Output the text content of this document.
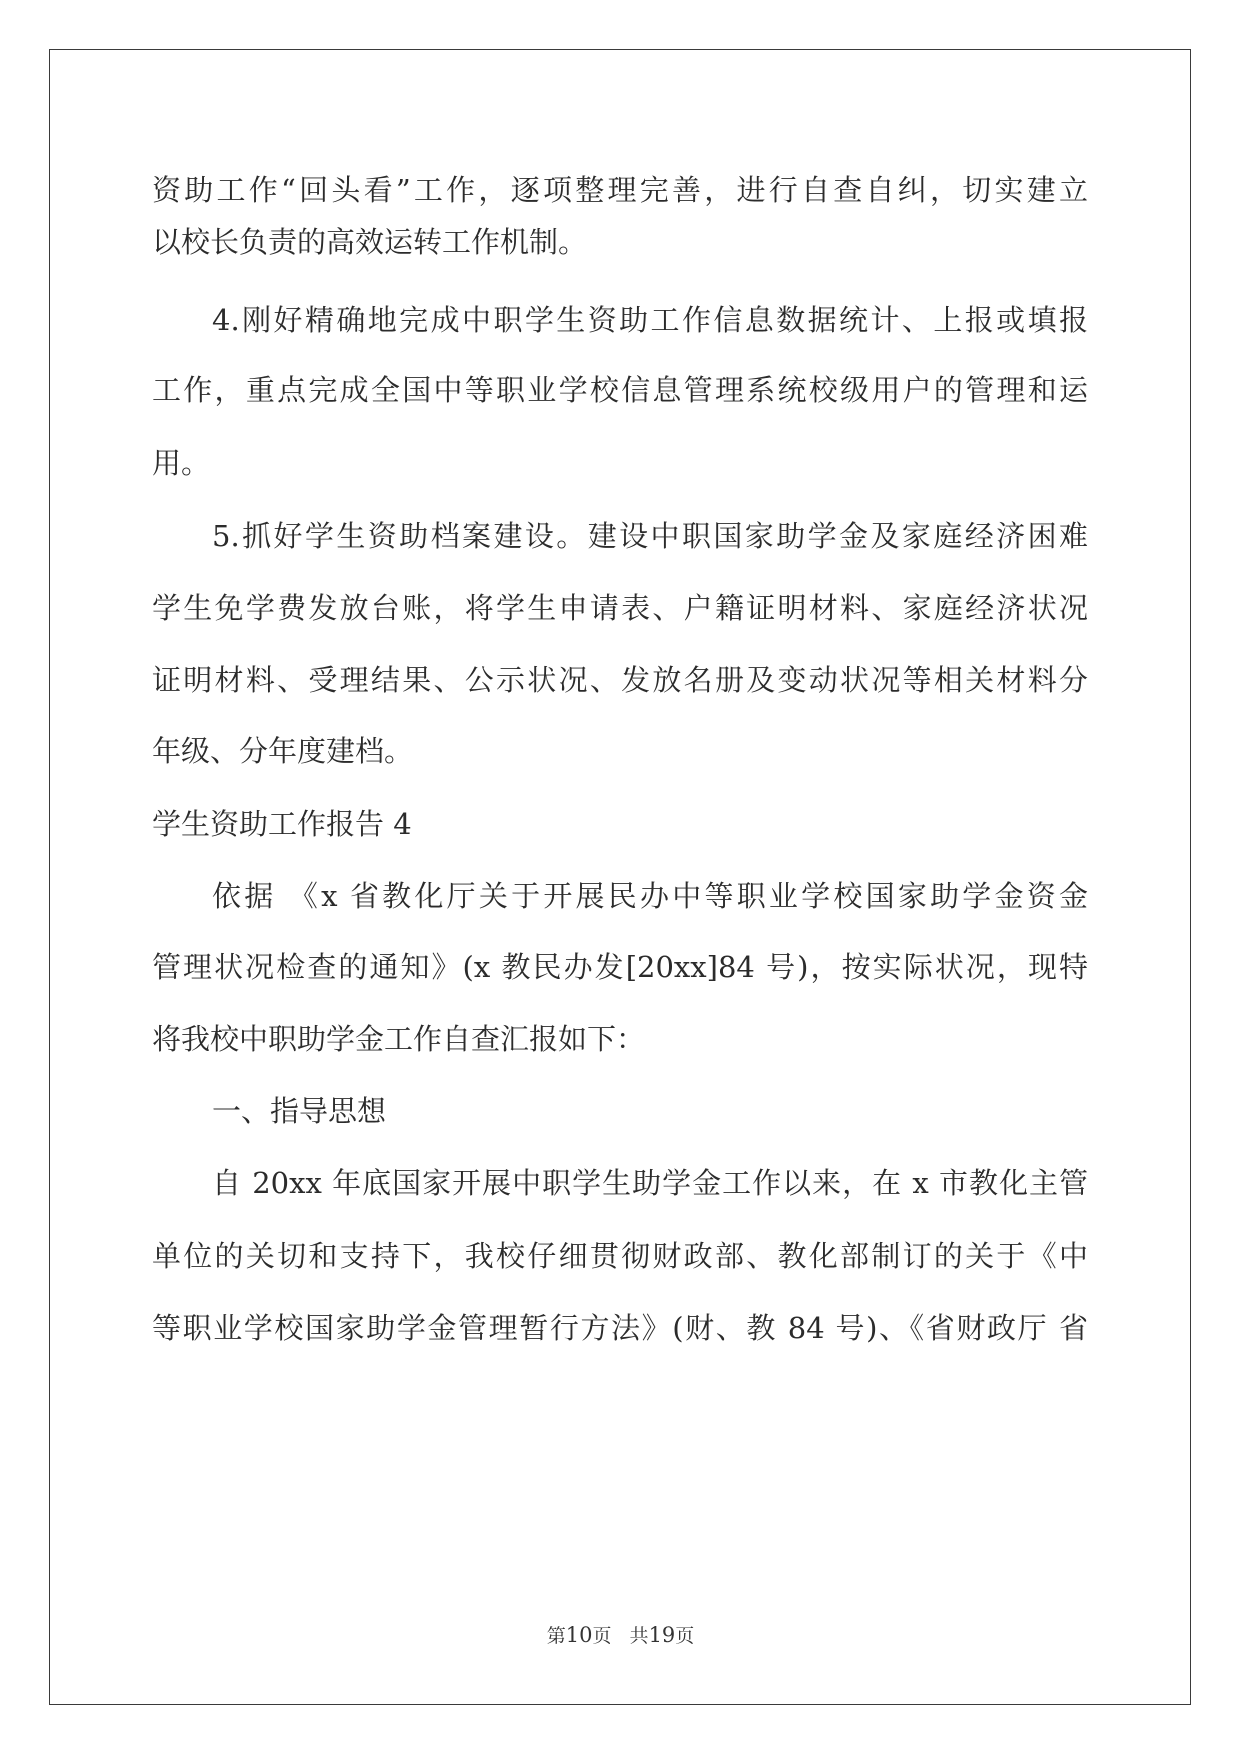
资助工作“回头看”工作，逐项整理完善，进行自查自纠，切实建立
以校长负责的高效运转工作机制。
4.刚好精确地完成中职学生资助工作信息数据统计、上报或填报
工作，重点完成全国中等职业学校信息管理系统校级用户的管理和运
用。
5.抓好学生资助档案建设。建设中职国家助学金及家庭经济困难
学生免学费发放台账，将学生申请表、户籍证明材料、家庭经济状况
证明材料、受理结果、公示状况、发放名册及变动状况等相关材料分
年级、分年度建档。
学生资助工作报告 4
依据 《x 省教化厅关于开展民办中等职业学校国家助学金资金
管理状况检查的通知》(x 教民办发[20xx]84 号)，按实际状况，现特
将我校中职助学金工作自查汇报如下：
一、指导思想
自 20xx 年底国家开展中职学生助学金工作以来，在 x 市教化主管
单位的关切和支持下，我校仔细贯彻财政部、教化部制订的关于《中
等职业学校国家助学金管理暂行方法》(财、教 84 号)、《省财政厅 省
第10页   共19页
